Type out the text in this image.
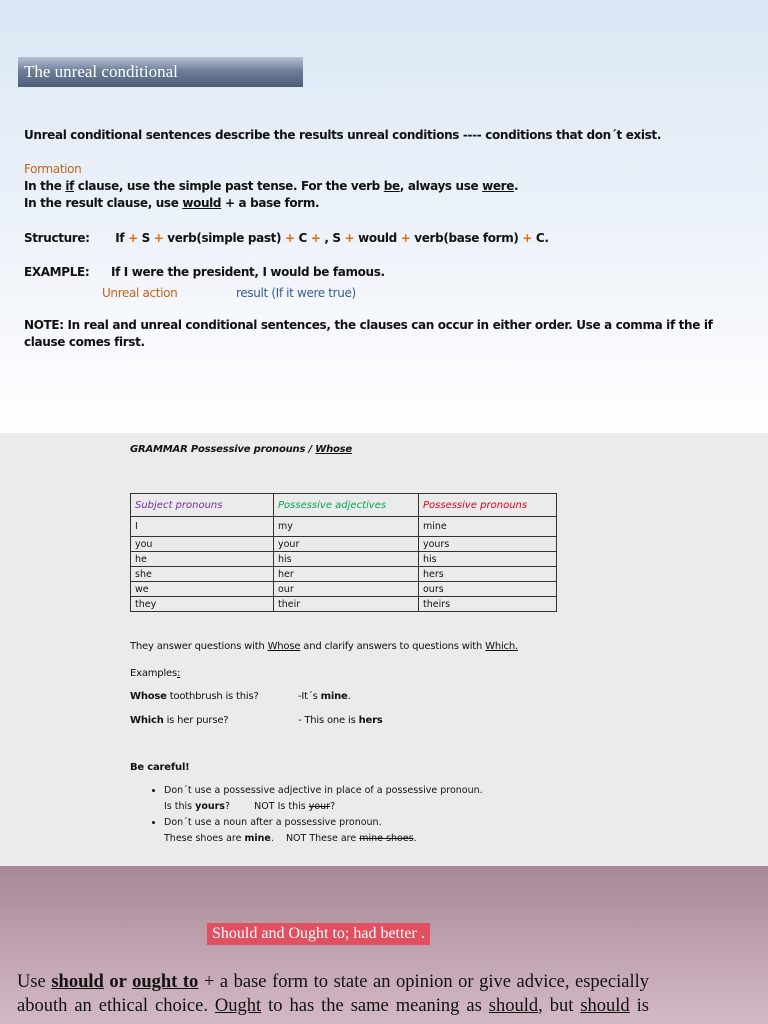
The unreal conditional
Unreal conditional sentences describe the results unreal conditions ---- conditions that don´t exist.
Formation
In the if clause, use the simple past tense. For the verb be, always use were.
In the result clause, use would + a base form.
Structure: If + S + verb(simple past) + C + , S + would + verb(base form) + C.
EXAMPLE: If I were the president, I would be famous.
Unreal action	result (If it were true)
NOTE: In real and unreal conditional sentences, the clauses can occur in either order. Use a comma if the if
clause comes first.
GRAMMAR Possessive pronouns / Whose
Subject pronouns	Possessive adjectives	Possessive pronouns
I	my	mine
you	your	yours
he	his	his
she	her	hers
we	our	ours
they	their	theirs
They answer questions with Whose and clarify answers to questions with Which.
Examples:
Whose toothbrush is this?	-It´s mine.
Which is her purse?	- This one is hers
Be careful!
• Don´t use a possessive adjective in place of a possessive pronoun.
Is this yours?        NOT Is this your?
• Don´t use a noun after a possessive pronoun.
These shoes are mine.    NOT These are mine shoes.
Should and Ought to; had better .
Use should or ought to + a base form to state an opinion or give advice, especially abouth an ethical choice. Ought to has the same meaning as should, but should is
